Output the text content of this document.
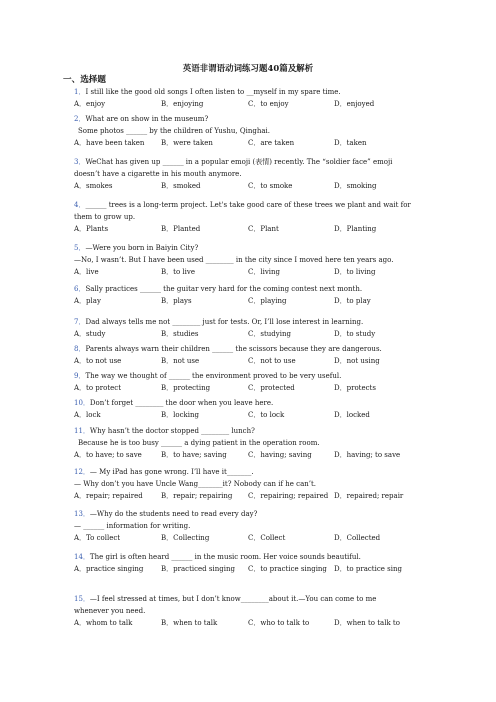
英语非谓语动词练习题40篇及解析
一、选择题
1．I still like the good old songs I often listen to __myself in my spare time.
A．enjoy	B．enjoying	C．to enjoy	D．enjoyed
2．What are on show in the museum?
Some photos ______ by the children of Yushu, Qinghai.
A．have been taken B．were taken	C．are taken	D．taken
3．WeChat has given up ______ in a popular emoji (表情) recently. The “soldier face” emoji
doesn’t have a cigarette in his mouth anymore.
A．smokes	B．smoked	C．to smoke	D．smoking
4．______ trees is a long-term project. Let's take good care of these trees we plant and wait for
them to grow up.
A．Plants	B．Planted	C．Plant	D．Planting
5．—Were you born in Baiyin City?
—No, I wasn’t. But I have been used ________ in the city since I moved here ten years ago.
A．live	B．to live	C．living	D．to living
6．Sally practices ______ the guitar very hard for the coming contest next month.
A．play	B．plays	C．playing	D．to play
7．Dad always tells me not ________ just for tests. Or, I’ll lose interest in learning.
A．study	B．studies	C．studying	D．to study
8．Parents always warn their children ______ the scissors because they are dangerous.
A．to not use	B．not use	C．not to use	D．not using
9．The way we thought of ______ the environment proved to be very useful.
A．to protect	B．protecting	C．protected	D．protects
10．Don’t forget ________ the door when you leave here.
A．lock	B．locking	C．to lock	D．locked
11．Why hasn’t the doctor stopped ________ lunch?
Because he is too busy ______ a dying patient in the operation room.
A．to have; to save	B．to have; saving	C．having; saving	D．having; to save
12．— My iPad has gone wrong. I’ll have it_______.
— Why don’t you have Uncle Wang_______it? Nobody can if he can’t.
A．repair; repaired	B．repair; repairing C．repairing; repaired D．repaired; repair
13．—Why do the students need to read every day?
— ______ information for writing.
A．To collect	B．Collecting	C．Collect	D．Collected
14．The girl is often heard ______ in the music room. Her voice sounds beautiful.
A．practice singing	B．practiced singing C．to practice singing D．to practice sing
15．—I feel stressed at times, but I don’t know________about it.—You can come to me
whenever you need.
A．whom to talk	B．when to talk	C．who to talk to	D．when to talk to
